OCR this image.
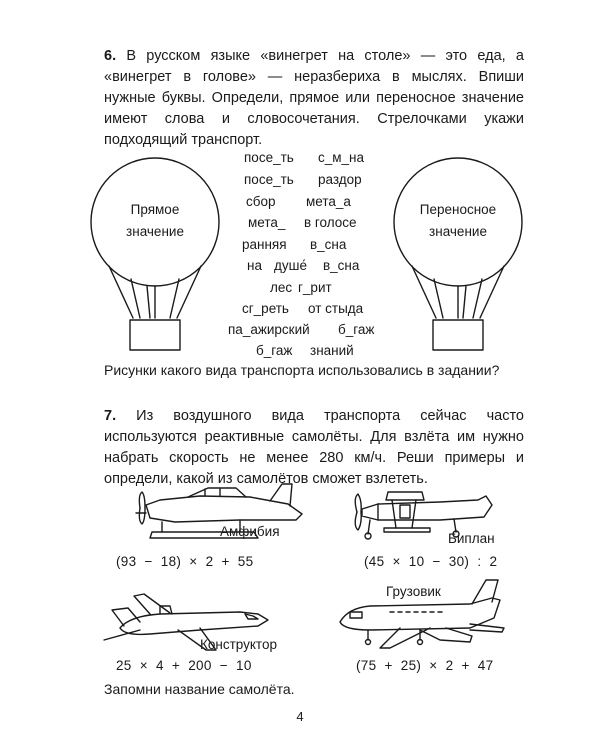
6. В русском языке «винегрет на столе» — это еда, а «винегрет в голове» — неразбериха в мыслях. Впиши нужные буквы. Определи, прямое или переносное значение имеют слова и словосочетания. Стрелочками укажи подходящий транспорт.
Прямое
значение
Переносное
значение
посе_ть с_м_на
посе_ть раздор
сбор мета_а
мета_ в голосе
ранняя в_сна
на душе́ в_сна
лес г_рит
сг_реть от стыда
па_ажирский б_гаж
б_гаж знаний
Рисунки какого вида транспорта использовались в задании?
7. Из воздушного вида транспорта сейчас часто используются реактивные самолёты. Для взлёта им нужно набрать скорость не менее 280 км/ч. Реши примеры и определи, какой из самолётов сможет взлететь.
Амфибия
(93  −  18)  ×  2  +  55
Биплан
(45  ×  10  −  30)  :  2
Конструктор
25  ×  4  +  200  −  10
Грузовик
(75  +  25)  ×  2  +  47
Запомни название самолёта.
4
